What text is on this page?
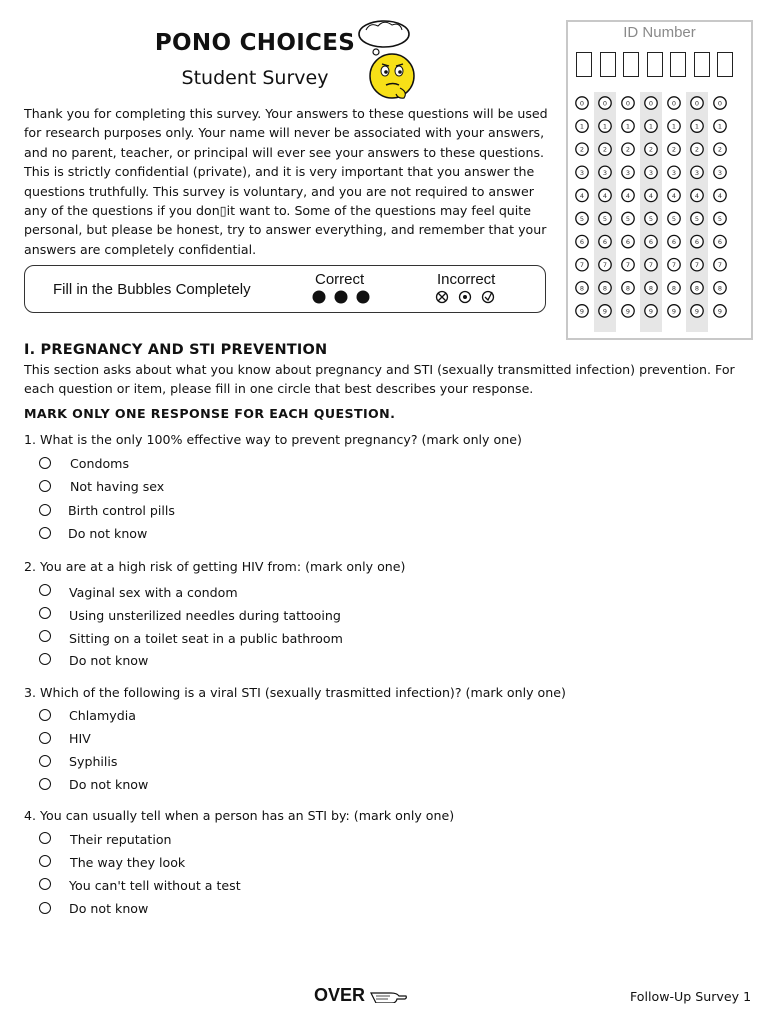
PONO CHOICES
Student Survey
Thank you for completing this survey. Your answers to these questions will be used for research purposes only. Your name will never be associated with your answers, and no parent, teacher, or principal will ever see your answers to these questions. This is strictly confidential (private), and it is very important that you answer the questions truthfully. This survey is voluntary, and you are not required to answer any of the questions if you don▯it want to. Some of the questions may feel quite personal, but please be honest, try to answer everything, and remember that your answers are completely confidential.
Fill in the Bubbles Completely
Correct	Incorrect
ID Number
0
1
2
3
4
5
6
7
8
9
0
1
2
3
4
5
6
7
8
9
0
1
2
3
4
5
6
7
8
9
0
1
2
3
4
5
6
7
8
9
0
1
2
3
4
5
6
7
8
9
0
1
2
3
4
5
6
7
8
9
0
1
2
3
4
5
6
7
8
9
I. PREGNANCY AND STI PREVENTION
This section asks about what you know about pregnancy and STI (sexually transmitted infection) prevention. For each question or item, please fill in one circle that best describes your response.
MARK ONLY ONE RESPONSE FOR EACH QUESTION.
1. What is the only 100% effective way to prevent pregnancy? (mark only one)
Condoms
Not having sex
Birth control pills
Do not know
2. You are at a high risk of getting HIV from: (mark only one)
Vaginal sex with a condom
Using unsterilized needles during tattooing
Sitting on a toilet seat in a public bathroom
Do not know
3. Which of the following is a viral STI (sexually trasmitted infection)? (mark only one)
Chlamydia
HIV
Syphilis
Do not know
4. You can usually tell when a person has an STI by: (mark only one)
Their reputation
The way they look
You can't tell without a test
Do not know
OVER	Follow-Up Survey 1
